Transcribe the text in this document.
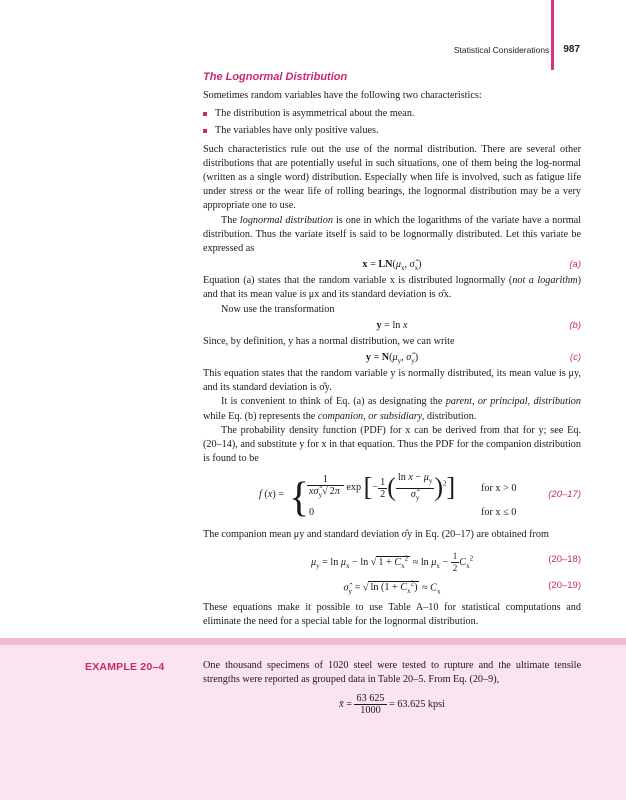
Statistical Considerations 987
The Lognormal Distribution

Sometimes random variables have the following two characteristics:

The distribution is asymmetrical about the mean.
The variables have only positive values.

Such characteristics rule out the use of the normal distribution. There are several other distributions that are potentially useful in such situations, one of them being the log-normal (written as a single word) distribution. Especially when life is involved, such as fatigue life under stress or the wear life of rolling bearings, the lognormal distribution may be a very appropriate one to use.

The lognormal distribution is one in which the logarithms of the variate have a normal distribution. Thus the variate itself is said to be lognormally distributed. Let this variate be expressed as

$x = LN(\mu_x$, $\sigmâ_x$)	(a)

Equation (a) states that the random variable x is distributed lognormally (not a logarithm) and that its mean value is μx and its standard deviation is σ̂x.

Now use the transformation

y = ln x	(b)

Since, by definition, y has a normal distribution, we can write

$y = N(\mu_y$, $\sigmâ_y$)	(c)

This equation states that the random variable y is normally distributed, its mean value is μy, and its standard deviation is σ̂y.

It is convenient to think of Eq. (a) as designating the parent, or principal, distribution while Eq. (b) represents the companion, or subsidiary, distribution.

The probability density function (PDF) for x can be derived from that for y; see Eq. (20–14), and substitute y for x in that equation. Thus the PDF for the companion distribution is found to be

f (x) = {
$\frac{1}{x\sigmâ_y√ 2\pi}$ exp [− $\frac{1}{2}$ ( $\frac{\ln x - \mu_y}{\sigmâ_y} )^2$]
0
for x > 0
for x ≤ 0
(20–17)

The companion mean μy and standard deviation σ̂y in Eq. (20–17) are obtained from

$\mu_y = \ln \mu_x - \ln$ √ $1 + C_x^2 \approx \ln \mu_x - \frac{1}{2} C_x^2$	(20–18)
$\sigmâ_y$ = √ $\ln (1 + C_x^2) \approx C_x$
(20–19)

These equations make it possible to use Table A–10 for statistical computations and eliminate the need for a special table for the lognormal distribution.

EXAMPLE 20–4	One thousand specimens of 1020 steel were tested to rupture and the ultimate tensile strengths were reported as grouped data in Table 20–5. From Eq. (20–9),

x̄ = $\frac{63 625}{1000} = 63.625$ kpsi
